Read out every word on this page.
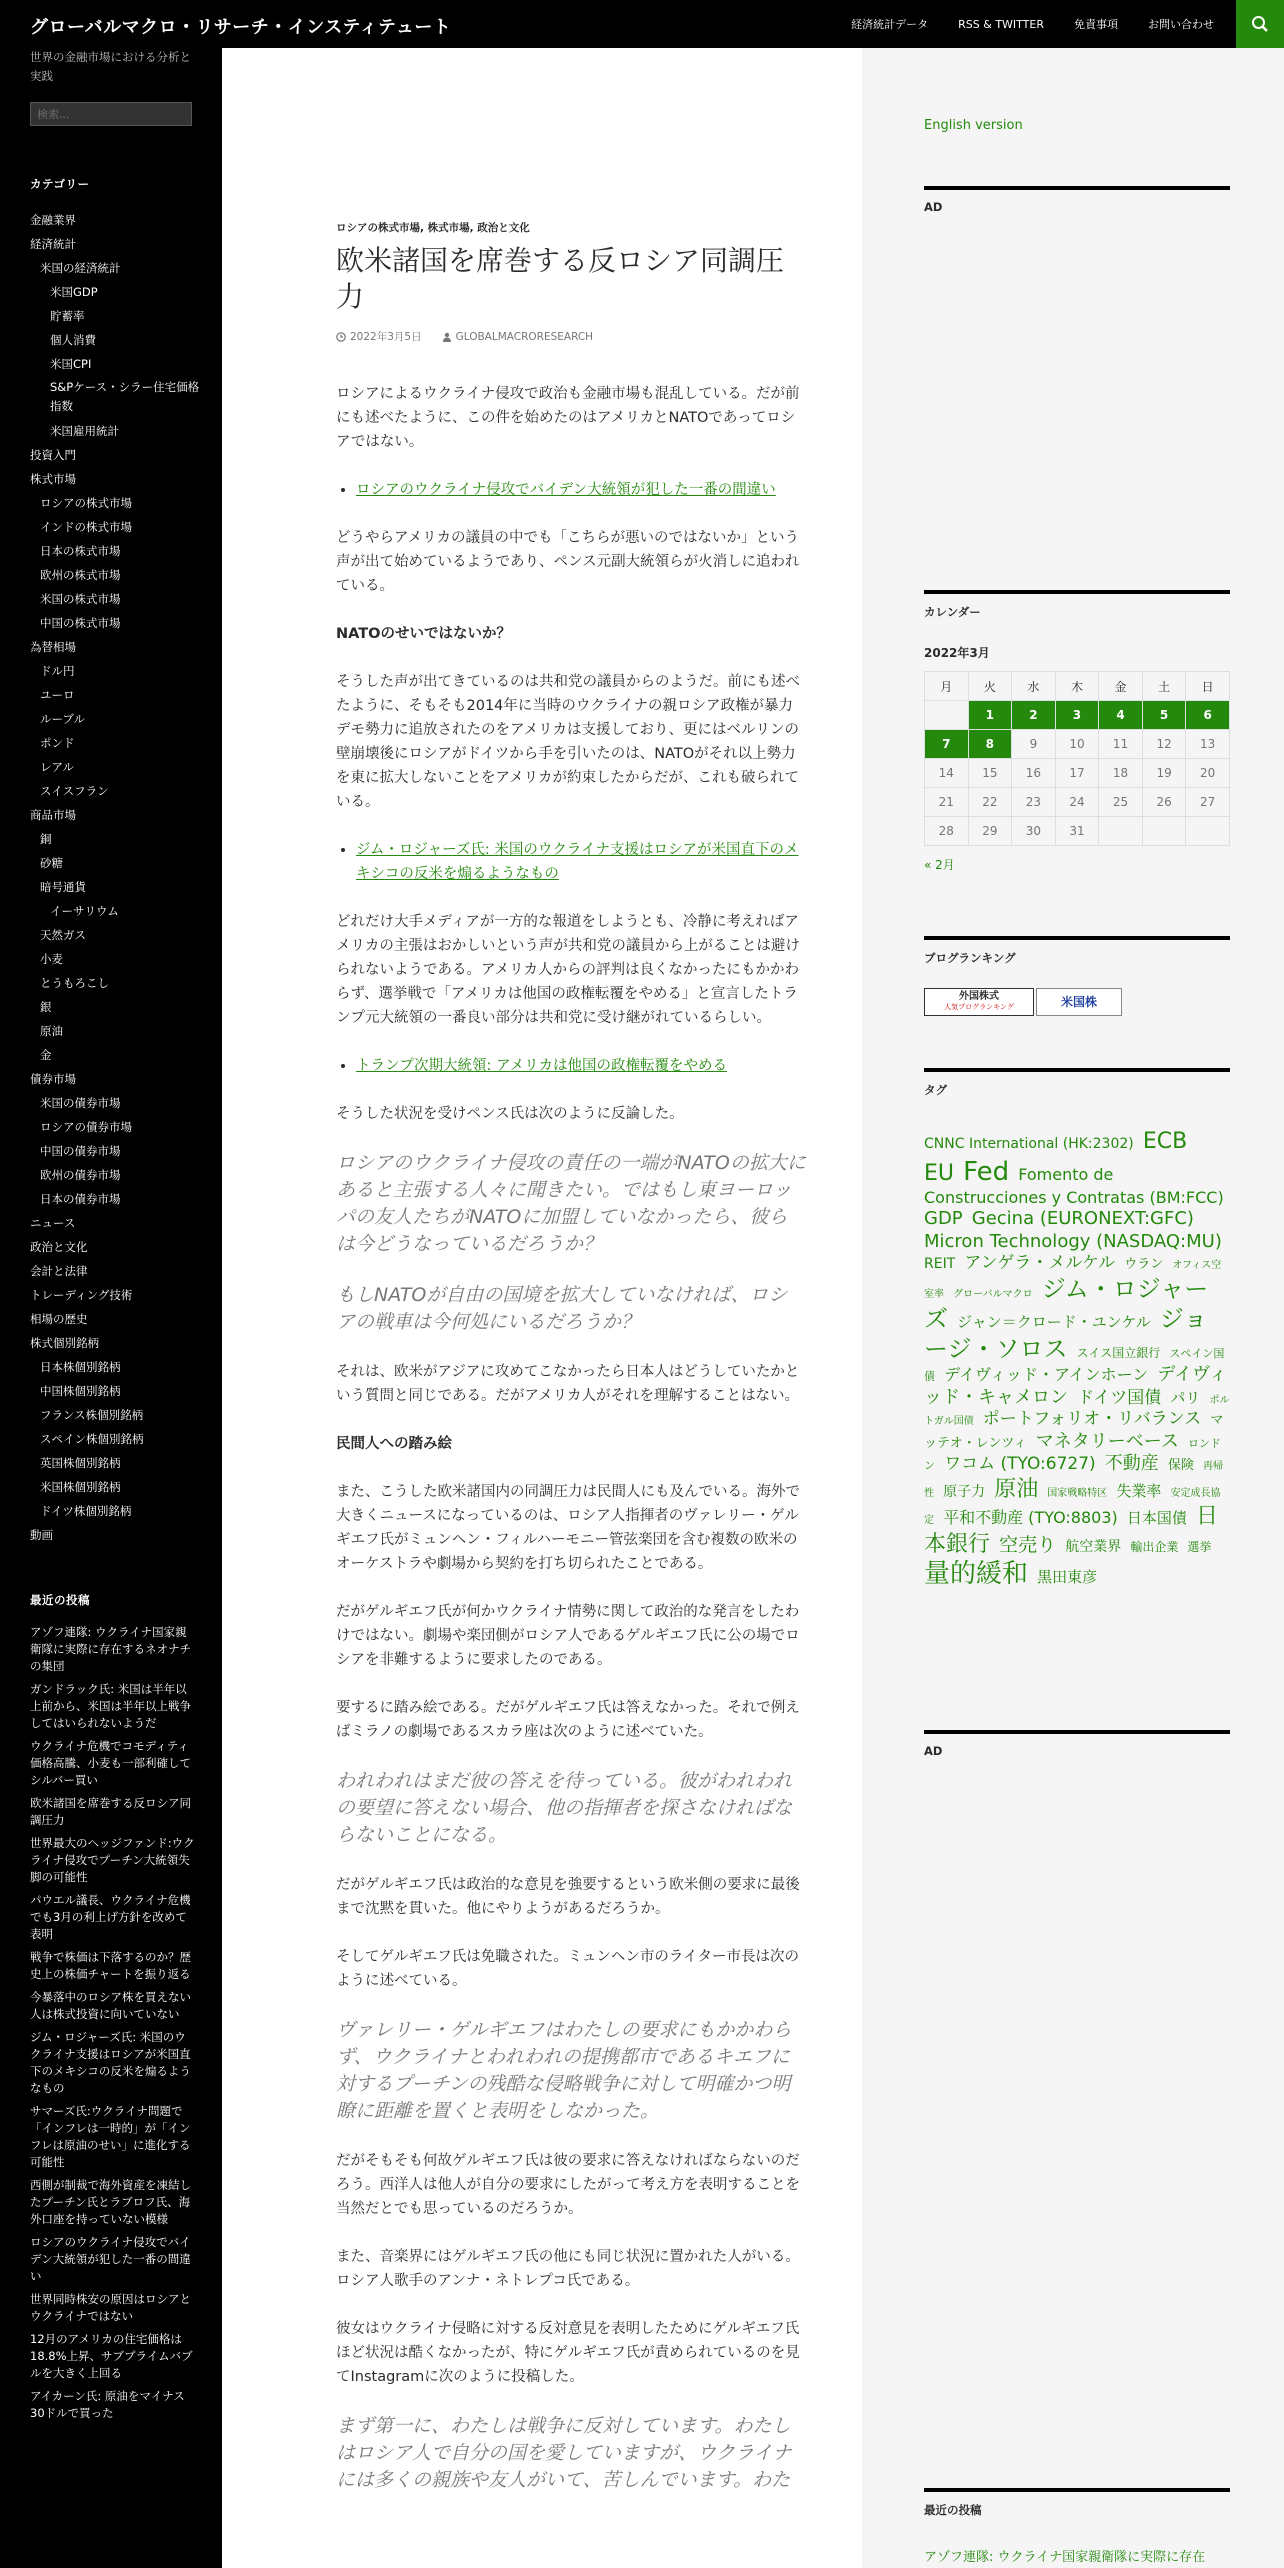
グローバルマクロ・リサーチ・インスティテュート	経済統計データ	RSS & TWITTER	免責事項	お問い合わせ
世界の金融市場における分析と実践
検索...
カテゴリー
金融業界
経済統計
米国の経済統計
米国GDP
貯蓄率
個人消費
米国CPI
S&Pケース・シラー住宅価格指数
米国雇用統計
投資入門
株式市場
ロシアの株式市場
インドの株式市場
日本の株式市場
欧州の株式市場
米国の株式市場
中国の株式市場
為替相場
ドル円
ユーロ
ルーブル
ポンド
レアル
スイスフラン
商品市場
銅
砂糖
暗号通貨
イーサリウム
天然ガス
小麦
とうもろこし
銀
原油
金
債券市場
米国の債券市場
ロシアの債券市場
中国の債券市場
欧州の債券市場
日本の債券市場
ニュース
政治と文化
会計と法律
トレーディング技術
相場の歴史
株式個別銘柄
日本株個別銘柄
中国株個別銘柄
フランス株個別銘柄
スペイン株個別銘柄
英国株個別銘柄
米国株個別銘柄
ドイツ株個別銘柄
動画
最近の投稿
アゾフ連隊: ウクライナ国家親衛隊に実際に存在するネオナチの集団
ガンドラック氏: 米国は半年以上前から、米国は半年以上戦争してはいられないようだ
ウクライナ危機でコモディティ価格高騰、小麦も一部利確してシルバー買い
欧米諸国を席巻する反ロシア同調圧力
世界最大のヘッジファンド:ウクライナ侵攻でプーチン大統領失脚の可能性
パウエル議長、ウクライナ危機でも3月の利上げ方針を改めて表明
戦争で株価は下落するのか？歴史上の株価チャートを振り返る
今暴落中のロシア株を買えない人は株式投資に向いていない
ジム・ロジャーズ氏: 米国のウクライナ支援はロシアが米国直下のメキシコの反米を煽るようなもの
サマーズ氏:ウクライナ問題で「インフレは一時的」が「インフレは原油のせい」に進化する可能性
西側が制裁で海外資産を凍結したプーチン氏とラブロフ氏、海外口座を持っていない模様
ロシアのウクライナ侵攻でバイデン大統領が犯した一番の間違い
世界同時株安の原因はロシアとウクライナではない
12月のアメリカの住宅価格は18.8%上昇、サブプライムバブルを大きく上回る
アイカーン氏: 原油をマイナス30ドルで買った
ロシアの株式市場, 株式市場, 政治と文化
欧米諸国を席巻する反ロシア同調圧力
2022年3月5日	GLOBALMACRORESEARCH

ロシアによるウクライナ侵攻で政治も金融市場も混乱している。だが前にも述べたように、この件を始めたのはアメリカとNATOであってロシアではない。

• ロシアのウクライナ侵攻でバイデン大統領が犯した一番の間違い

どうやらアメリカの議員の中でも「こちらが悪いのではないか」という声が出て始めているようであり、ペンス元副大統領らが火消しに追われている。

NATOのせいではないか？

そうした声が出てきているのは共和党の議員からのようだ。前にも述べたように、そもそも2014年に当時のウクライナの親ロシア政権が暴力デモ勢力に追放されたのをアメリカは支援しており、更にはベルリンの壁崩壊後にロシアがドイツから手を引いたのは、NATOがそれ以上勢力を東に拡大しないことをアメリカが約束したからだが、これも破られている。

• ジム・ロジャーズ氏: 米国のウクライナ支援はロシアが米国直下のメキシコの反米を煽るようなもの

どれだけ大手メディアが一方的な報道をしようとも、冷静に考えればアメリカの主張はおかしいという声が共和党の議員から上がることは避けられないようである。アメリカ人からの評判は良くなかったにもかかわらず、選挙戦で「アメリカは他国の政権転覆をやめる」と宣言したトランプ元大統領の一番良い部分は共和党に受け継がれているらしい。

• トランプ次期大統領: アメリカは他国の政権転覆をやめる

そうした状況を受けペンス氏は次のように反論した。

ロシアのウクライナ侵攻の責任の一端がNATOの拡大にあると主張する人々に聞きたい。ではもし東ヨーロッパの友人たちがNATOに加盟していなかったら、彼らは今どうなっているだろうか？
もしNATOが自由の国境を拡大していなければ、ロシアの戦車は今何処にいるだろうか？

それは、欧米がアジアに攻めてこなかったら日本人はどうしていたかという質問と同じである。だがアメリカ人がそれを理解することはない。

民間人への踏み絵

また、こうした欧米諸国内の同調圧力は民間人にも及んでいる。海外で大きくニュースになっているのは、ロシア人指揮者のヴァレリー・ゲルギエフ氏がミュンヘン・フィルハーモニー管弦楽団を含む複数の欧米のオーケストラや劇場から契約を打ち切られたことである。

だがゲルギエフ氏が何かウクライナ情勢に関して政治的な発言をしたわけではない。劇場や楽団側がロシア人であるゲルギエフ氏に公の場でロシアを非難するように要求したのである。

要するに踏み絵である。だがゲルギエフ氏は答えなかった。それで例えばミラノの劇場であるスカラ座は次のように述べていた。

われわれはまだ彼の答えを待っている。彼がわれわれの要望に答えない場合、他の指揮者を探さなければならないことになる。

だがゲルギエフ氏は政治的な意見を強要するという欧米側の要求に最後まで沈黙を貫いた。他にやりようがあるだろうか。

そしてゲルギエフ氏は免職された。ミュンヘン市のライター市長は次のように述べている。

ヴァレリー・ゲルギエフはわたしの要求にもかかわらず、ウクライナとわれわれの提携都市であるキエフに対するプーチンの残酷な侵略戦争に対して明確かつ明瞭に距離を置くと表明をしなかった。

だがそもそも何故ゲルギエフ氏は彼の要求に答えなければならないのだろう。西洋人は他人が自分の要求にしたがって考え方を表明することを当然だとでも思っているのだろうか。

また、音楽界にはゲルギエフ氏の他にも同じ状況に置かれた人がいる。ロシア人歌手のアンナ・ネトレプコ氏である。

彼女はウクライナ侵略に対する反対意見を表明したためにゲルギエフ氏ほど状況は酷くなかったが、特にゲルギエフ氏が責められているのを見てInstagramに次のように投稿した。

まず第一に、わたしは戦争に反対しています。わたしはロシア人で自分の国を愛していますが、ウクライナには多くの親族や友人がいて、苦しんでいます。わた
English version
AD
カレンダー
2022年3月
月	火	水	木	金	土	日
	1	2	3	4	5	6
7	8	9	10	11	12	13
14	15	16	17	18	19	20
21	22	23	24	25	26	27
28	29	30	31			
« 2月
ブログランキング
外国株式
人気ブログランキング	米国株
タグ
CNNC International (HK:2302) ECB EU Fed Fomento de Construcciones y Contratas (BM:FCC) GDP Gecina (EURONEXT:GFC) Micron Technology (NASDAQ:MU) REIT アンゲラ・メルケル ウラン オフィス空室率 グローバルマクロ ジム・ロジャーズ ジャン＝クロード・ユンケル ジョージ・ソロス スイス国立銀行 スペイン国債 デイヴィッド・アインホーン デイヴィッド・キャメロン ドイツ国債 パリ ポルトガル国債 ポートフォリオ・リバランス マッテオ・レンツィ マネタリーベース ロンドン ワコム (TYO:6727) 不動産 保険 再帰性 原子力 原油 国家戦略特区 失業率 安定成長協定 平和不動産 (TYO:8803) 日本国債 日本銀行 空売り 航空業界 輸出企業 選挙 量的緩和 黒田東彦
AD
最近の投稿
アゾフ連隊: ウクライナ国家親衛隊に実際に存在
